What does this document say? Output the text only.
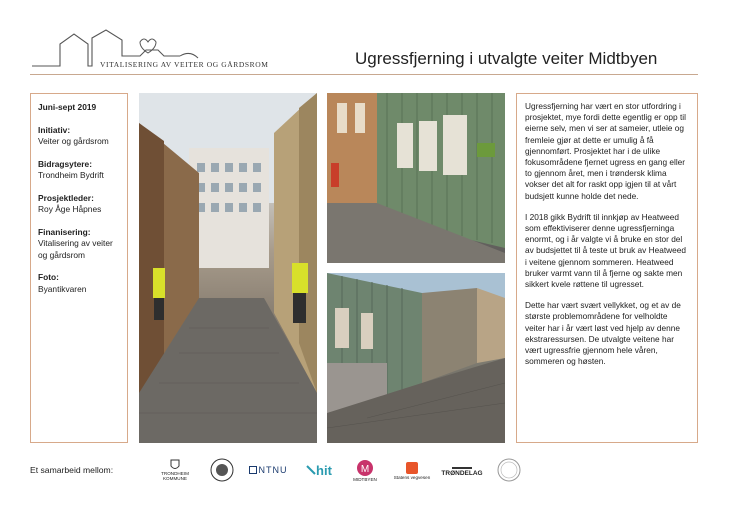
VITALISERING AV VEITER OG GÅRDSROM	Ugressfjerning i utvalgte veiter Midtbyen
Juni-sept 2019
Initiativ:
Veiter og gårdsrom
Bidragsytere:
Trondheim Bydrift
Prosjektleder:
Roy Åge Håpnes
Finanisering:
Vitalisering av veiter og gårdsrom
Foto:
Byantikvaren

Ugressfjerning har vært en stor utfordring i prosjektet, mye fordi dette egentlig er opp til eierne selv, men vi ser at sameier, utleie og fremleie gjør at dette er umulig å få gjennomført. Prosjektet har i de ulike fokusområdene fjernet ugress en gang eller to gjennom året, men i trøndersk klima vokser det alt for raskt opp igjen til at vårt budsjett kunne holde det nede.

I 2018 gikk Bydrift til innkjøp av Heatweed som effektiviserer denne ugressfjerninga enormt, og i år valgte vi å bruke en stor del av budsjettet til å teste ut bruk av Heatweed i veitene gjennom sommeren. Heatweed bruker varmt vann til å fjerne og sakte men sikkert kvele røttene til ugresset.

Dette har vært svært vellykket, og et av de største problemområdene for velholdte veiter har i år vært løst ved hjelp av denne ekstraressursen. De utvalgte veitene har vært ugressfrie gjennom hele våren, sommeren og høsten.

Et samarbeid mellom:	TRONDHEIM
KOMMUNE
NTNU hit	M
MIDTBYEN	Statens vegvesen
TRØNDELAG
